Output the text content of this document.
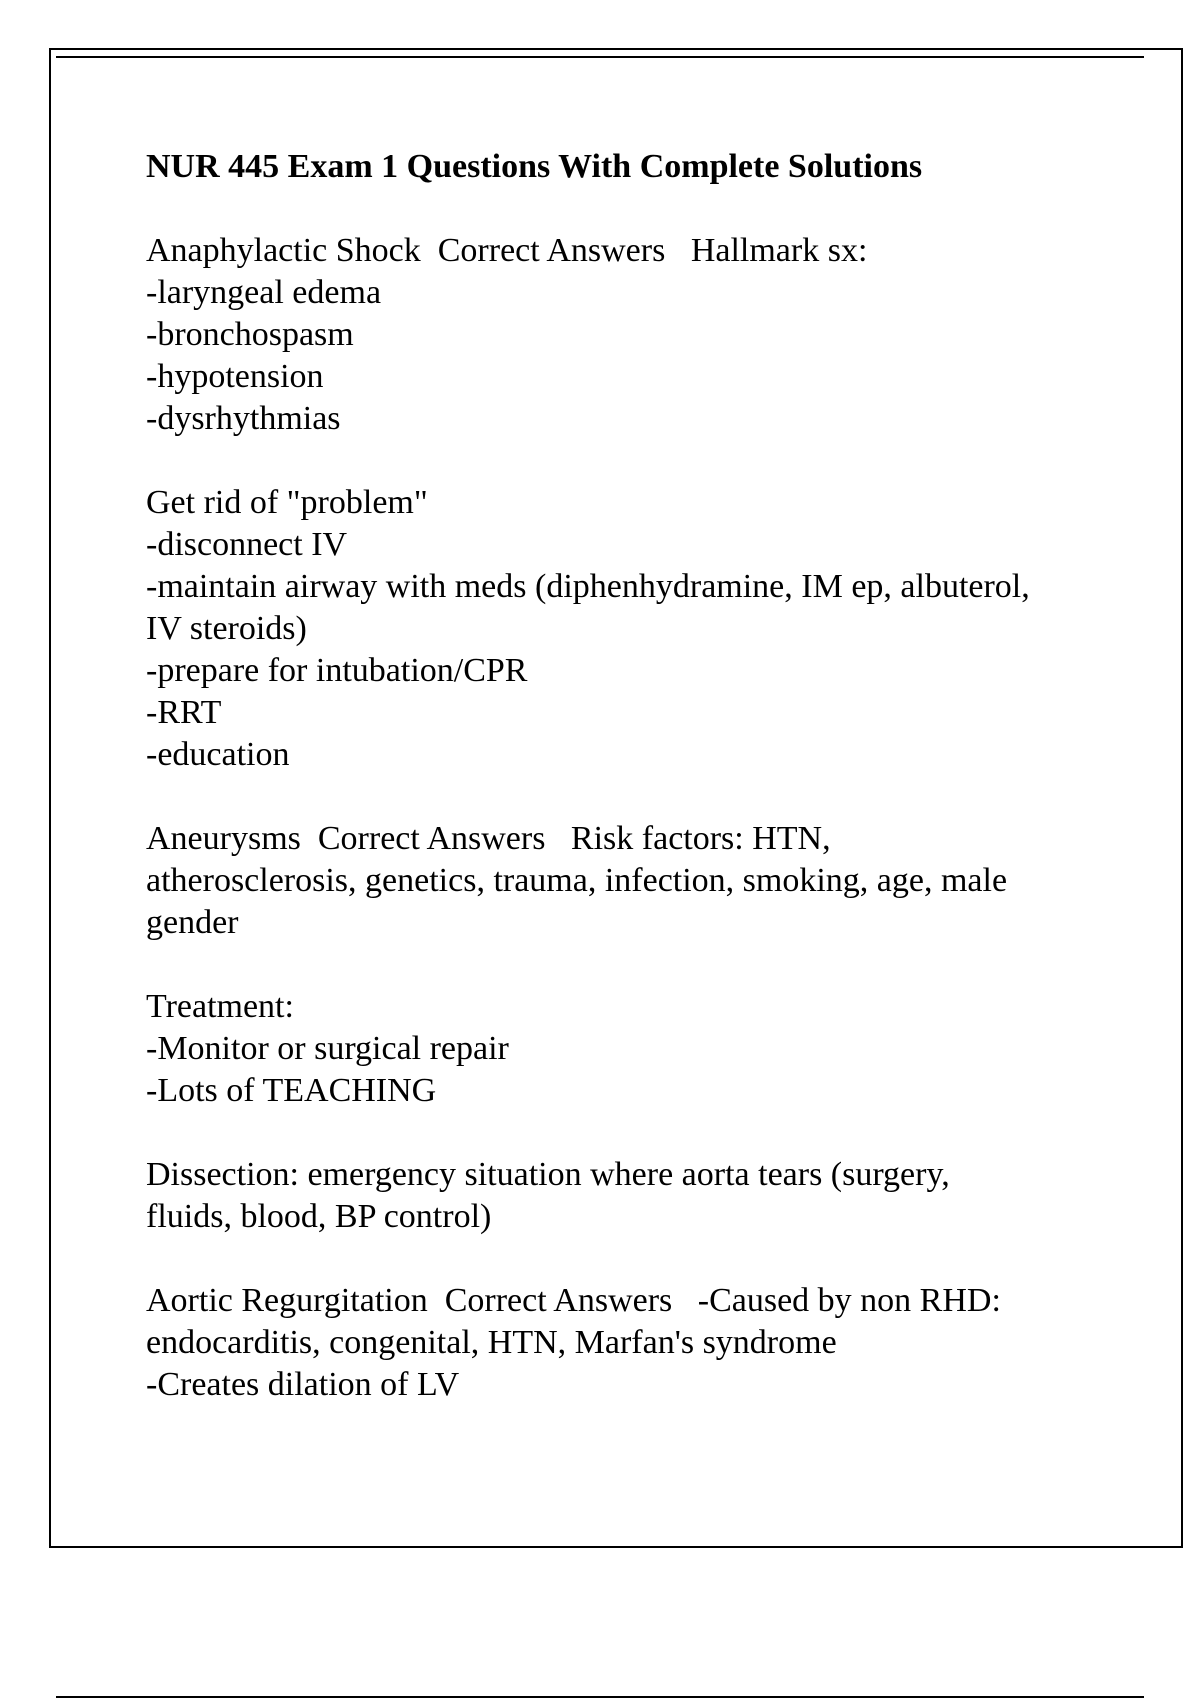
NUR 445 Exam 1 Questions With Complete Solutions
Anaphylactic Shock  Correct Answers   Hallmark sx:
-laryngeal edema
-bronchospasm
-hypotension
-dysrhythmias
Get rid of "problem"
-disconnect IV
-maintain airway with meds (diphenhydramine, IM ep, albuterol,
IV steroids)
-prepare for intubation/CPR
-RRT
-education
Aneurysms  Correct Answers   Risk factors: HTN,
atherosclerosis, genetics, trauma, infection, smoking, age, male
gender
Treatment:
-Monitor or surgical repair
-Lots of TEACHING
Dissection: emergency situation where aorta tears (surgery,
fluids, blood, BP control)
Aortic Regurgitation  Correct Answers   -Caused by non RHD:
endocarditis, congenital, HTN, Marfan's syndrome
-Creates dilation of LV
